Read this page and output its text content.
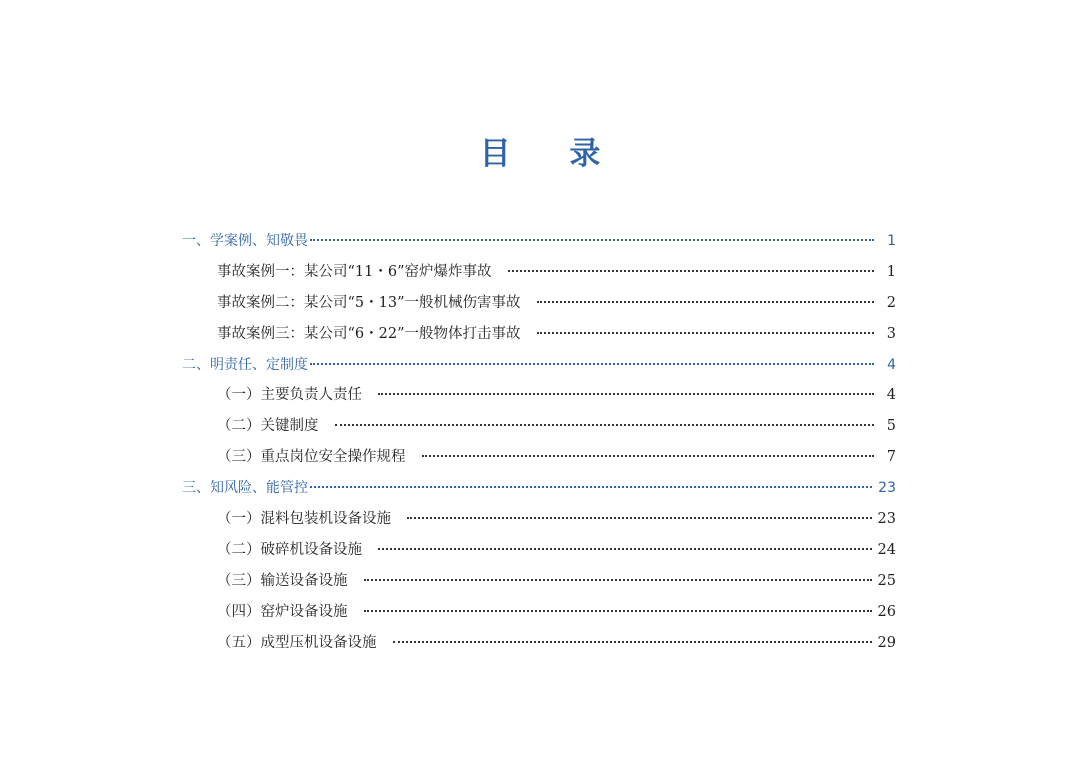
目 录
一、学案例、知敬畏	1
事故案例一：某公司“11・6”窑炉爆炸事故	1
事故案例二：某公司“5・13”一般机械伤害事故	2
事故案例三：某公司“6・22”一般物体打击事故	3
二、明责任、定制度	4
（一）主要负责人责任	4
（二）关键制度	5
（三）重点岗位安全操作规程	7
三、知风险、能管控	23
（一）混料包装机设备设施	23
（二）破碎机设备设施	24
（三）输送设备设施	25
（四）窑炉设备设施	26
（五）成型压机设备设施	29
